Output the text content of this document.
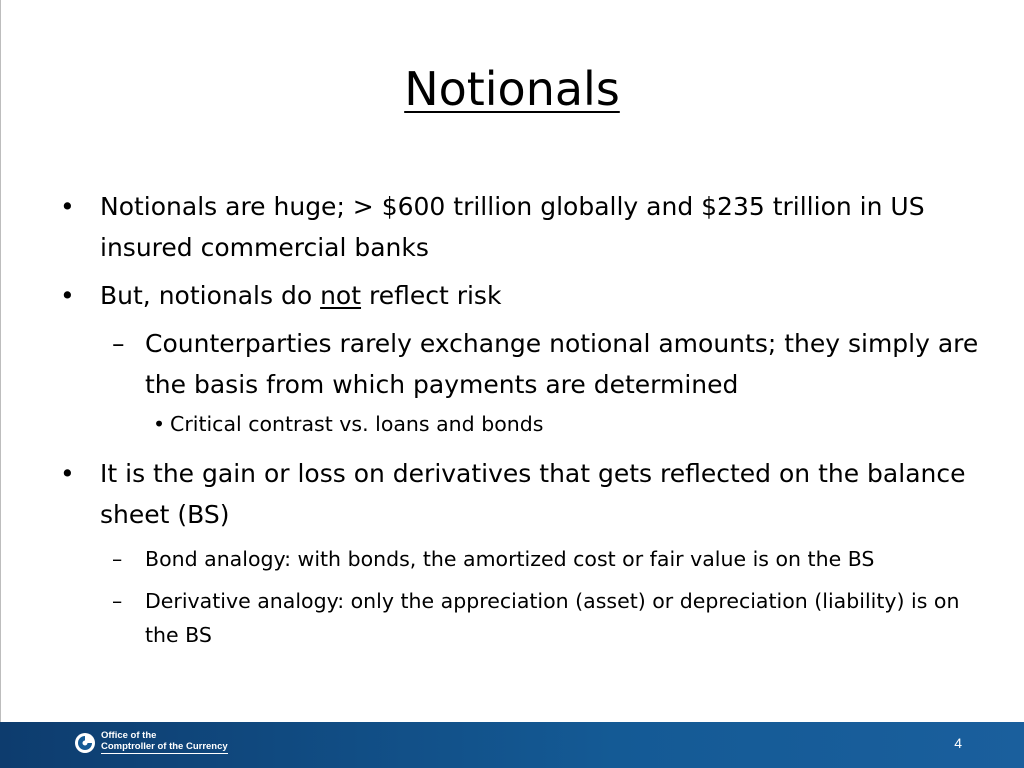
Notionals
• Notionals are huge; > $600 trillion globally and $235 trillion in US insured commercial banks
• But, notionals do not reflect risk
– Counterparties rarely exchange notional amounts; they simply are the basis from which payments are determined
• Critical contrast vs. loans and bonds
• It is the gain or loss on derivatives that gets reflected on the balance sheet (BS)
– Bond analogy: with bonds, the amortized cost or fair value is on the BS
– Derivative analogy: only the appreciation (asset) or depreciation (liability) is on the BS
Office of the
Comptroller of the Currency	4
